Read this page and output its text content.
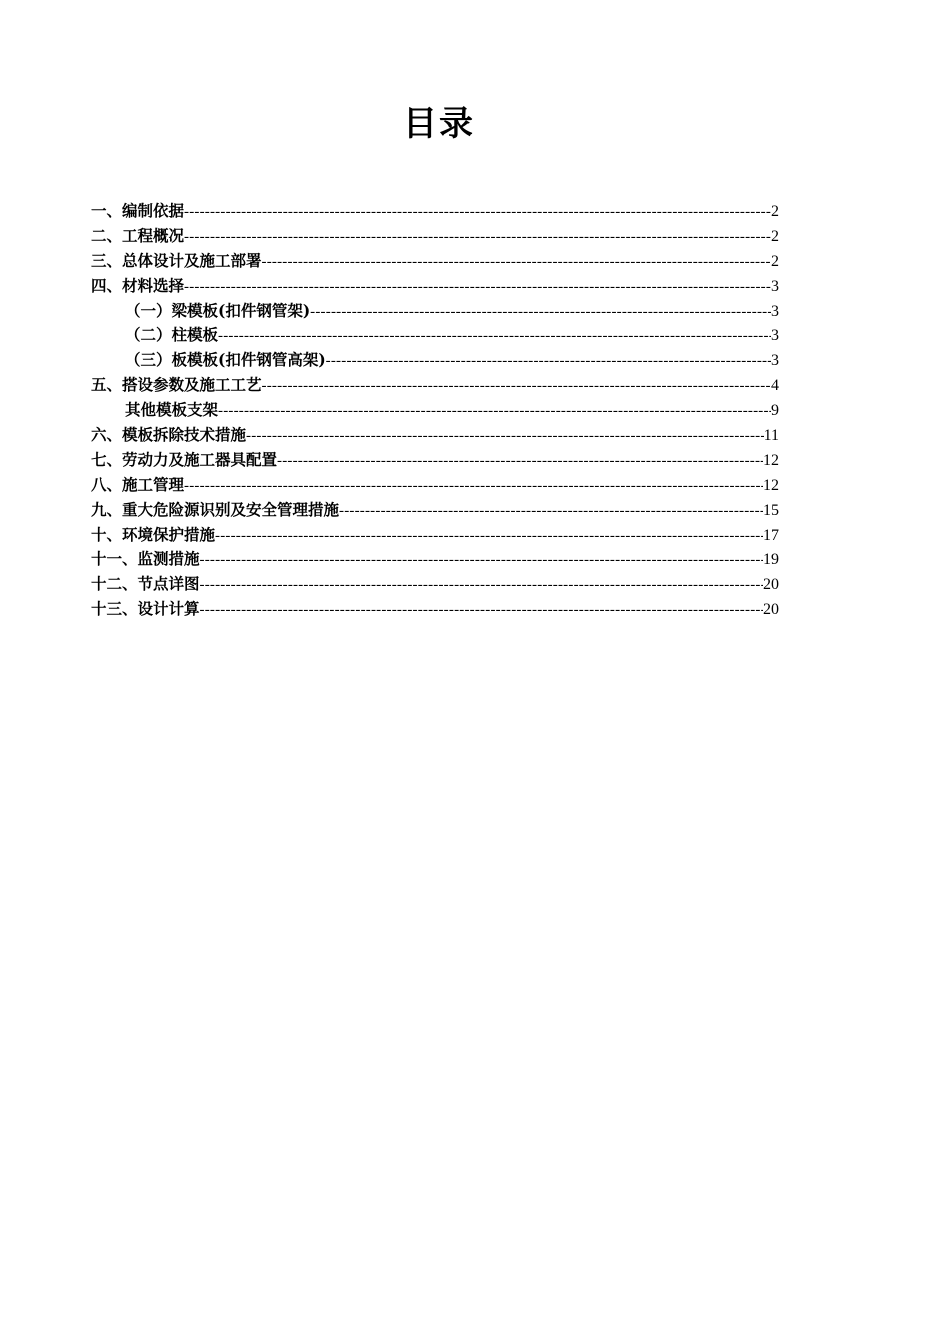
目录
一、编制依据 -----	2
二、工程概况 -----	2
三、总体设计及施工部署 -----	2
四、材料选择 -----	3
（一）梁模板(扣件钢管架) -----	3
（二）柱模板 -----	3
（三）板模板(扣件钢管高架) -----	3
五、搭设参数及施工工艺 -----	4
其他模板支架 -----	9
六、模板拆除技术措施 -----	11
七、劳动力及施工器具配置 -----	12
八、施工管理 -----	12
九、重大危险源识别及安全管理措施 -----	15
十、环境保护措施 -----	17
十一、监测措施 -----	19
十二、节点详图 -----	20
十三、设计计算 -----	20
